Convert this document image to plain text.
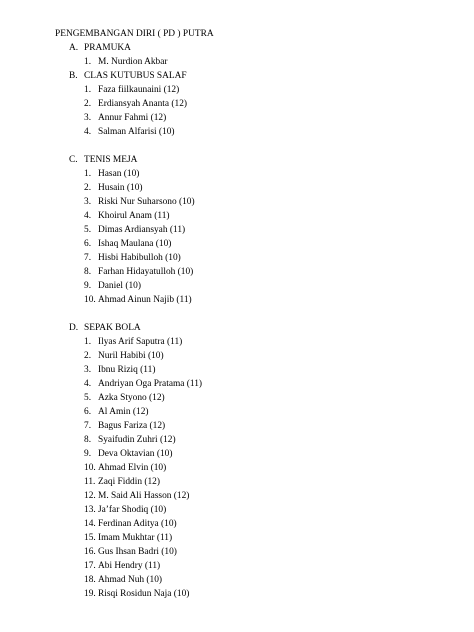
PENGEMBANGAN DIRI ( PD ) PUTRA
A. PRAMUKA
1. M. Nurdion Akbar
B. CLAS KUTUBUS SALAF
1. Faza fiilkaunaini (12)
2. Erdiansyah Ananta (12)
3. Annur Fahmi (12)
4. Salman Alfarisi (10)
C. TENIS MEJA
1. Hasan (10)
2. Husain (10)
3. Riski Nur Suharsono (10)
4. Khoirul Anam (11)
5. Dimas Ardiansyah (11)
6. Ishaq Maulana (10)
7. Hisbi Habibulloh (10)
8. Farhan Hidayatulloh (10)
9. Daniel (10)
10. Ahmad Ainun Najib (11)
D. SEPAK BOLA
1. Ilyas Arif Saputra (11)
2. Nuril Habibi (10)
3. Ibnu Riziq (11)
4. Andriyan Oga Pratama (11)
5. Azka Styono (12)
6. Al Amin (12)
7. Bagus Fariza (12)
8. Syaifudin Zuhri (12)
9. Deva Oktavian (10)
10. Ahmad Elvin (10)
11. Zaqi Fiddin (12)
12. M. Said Ali Hasson (12)
13. Ja’far Shodiq (10)
14. Ferdinan Aditya (10)
15. Imam Mukhtar (11)
16. Gus Ihsan Badri (10)
17. Abi Hendry (11)
18. Ahmad Nuh (10)
19. Risqi Rosidun Naja (10)
